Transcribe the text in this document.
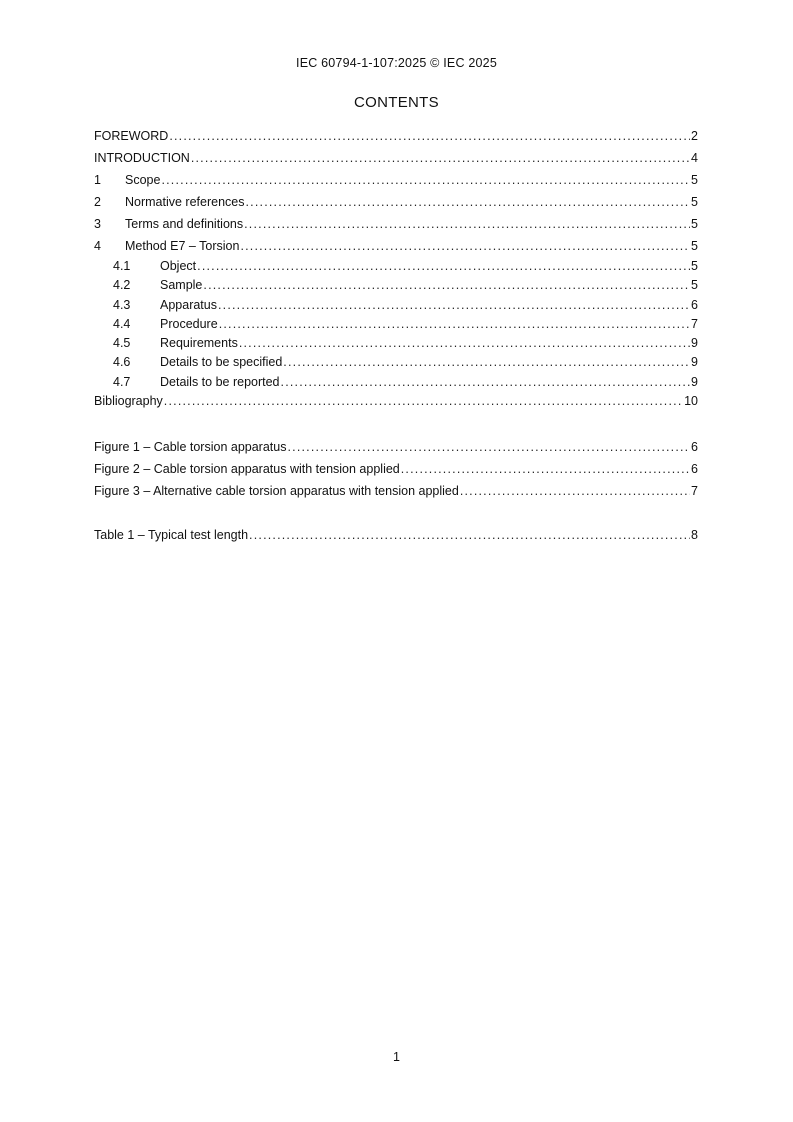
IEC 60794-1-107:2025 © IEC 2025
CONTENTS
FOREWORD .....	2
INTRODUCTION .....	4
1	Scope .....	5
2	Normative references .....	5
3	Terms and definitions .....	5
4	Method E7 – Torsion .....	5
4.1	Object .....	5
4.2	Sample .....	5
4.3	Apparatus .....	6
4.4	Procedure .....	7
4.5	Requirements .....	9
4.6	Details to be specified .....	9
4.7	Details to be reported .....	9
Bibliography .....	10
Figure 1 – Cable torsion apparatus .....	6
Figure 2 – Cable torsion apparatus with tension applied .....	6
Figure 3 – Alternative cable torsion apparatus with tension applied .....	7
Table 1 – Typical test length .....	8
1
